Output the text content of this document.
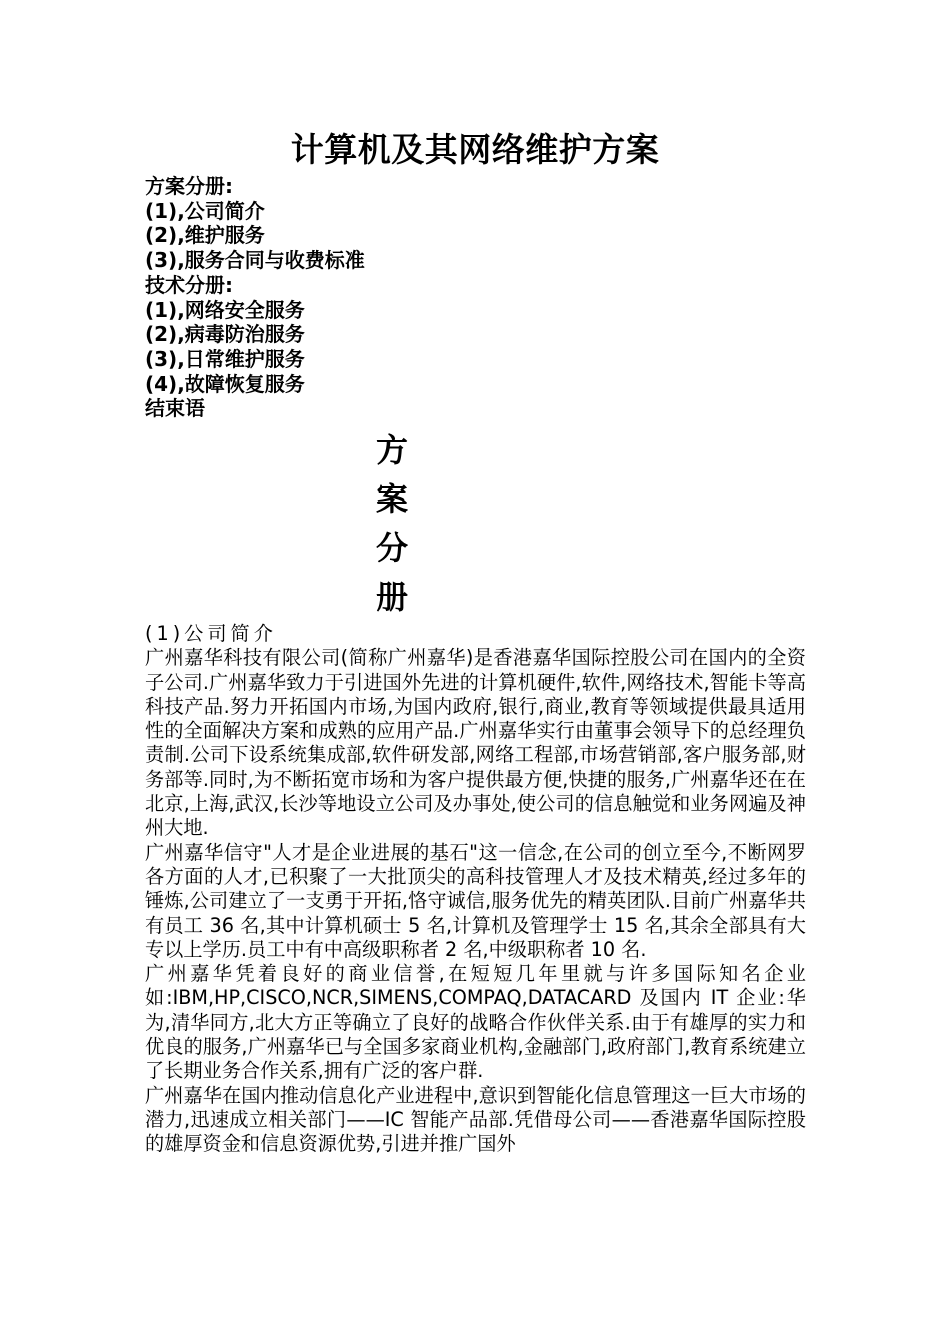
计算机及其网络维护方案
方案分册:
(1),公司简介
(2),维护服务
(3),服务合同与收费标准
技术分册:
(1),网络安全服务
(2),病毒防治服务
(3),日常维护服务
(4),故障恢复服务
结束语
方
案
分
册

(1)公司简介

广州嘉华科技有限公司(简称广州嘉华)是香港嘉华国际控股公司在国内的全资子公司.广州嘉华致力于引进国外先进的计算机硬件,软件,网络技术,智能卡等高科技产品.努力开拓国内市场,为国内政府,银行,商业,教育等领域提供最具适用性的全面解决方案和成熟的应用产品.广州嘉华实行由董事会领导下的总经理负责制.公司下设系统集成部,软件研发部,网络工程部,市场营销部,客户服务部,财务部等.同时,为不断拓宽市场和为客户提供最方便,快捷的服务,广州嘉华还在在北京,上海,武汉,长沙等地设立公司及办事处,使公司的信息触觉和业务网遍及神州大地.

广州嘉华信守"人才是企业进展的基石"这一信念,在公司的创立至今,不断网罗各方面的人才,已积聚了一大批顶尖的高科技管理人才及技术精英,经过多年的锤炼,公司建立了一支勇于开拓,恪守诚信,服务优先的精英团队.目前广州嘉华共有员工 36 名,其中计算机硕士 5 名,计算机及管理学士 15 名,其余全部具有大专以上学历.员工中有中高级职称者 2 名,中级职称者 10 名.

广州嘉华凭着良好的商业信誉,在短短几年里就与许多国际知名企业如:IBM,HP,CISCO,NCR,SIMENS,COMPAQ,DATACARD 及国内 IT 企业:华为,清华同方,北大方正等确立了良好的战略合作伙伴关系.由于有雄厚的实力和优良的服务,广州嘉华已与全国多家商业机构,金融部门,政府部门,教育系统建立了长期业务合作关系,拥有广泛的客户群.

广州嘉华在国内推动信息化产业进程中,意识到智能化信息管理这一巨大市场的潜力,迅速成立相关部门——IC 智能产品部.凭借母公司——香港嘉华国际控股的雄厚资金和信息资源优势,引进并推广国外
